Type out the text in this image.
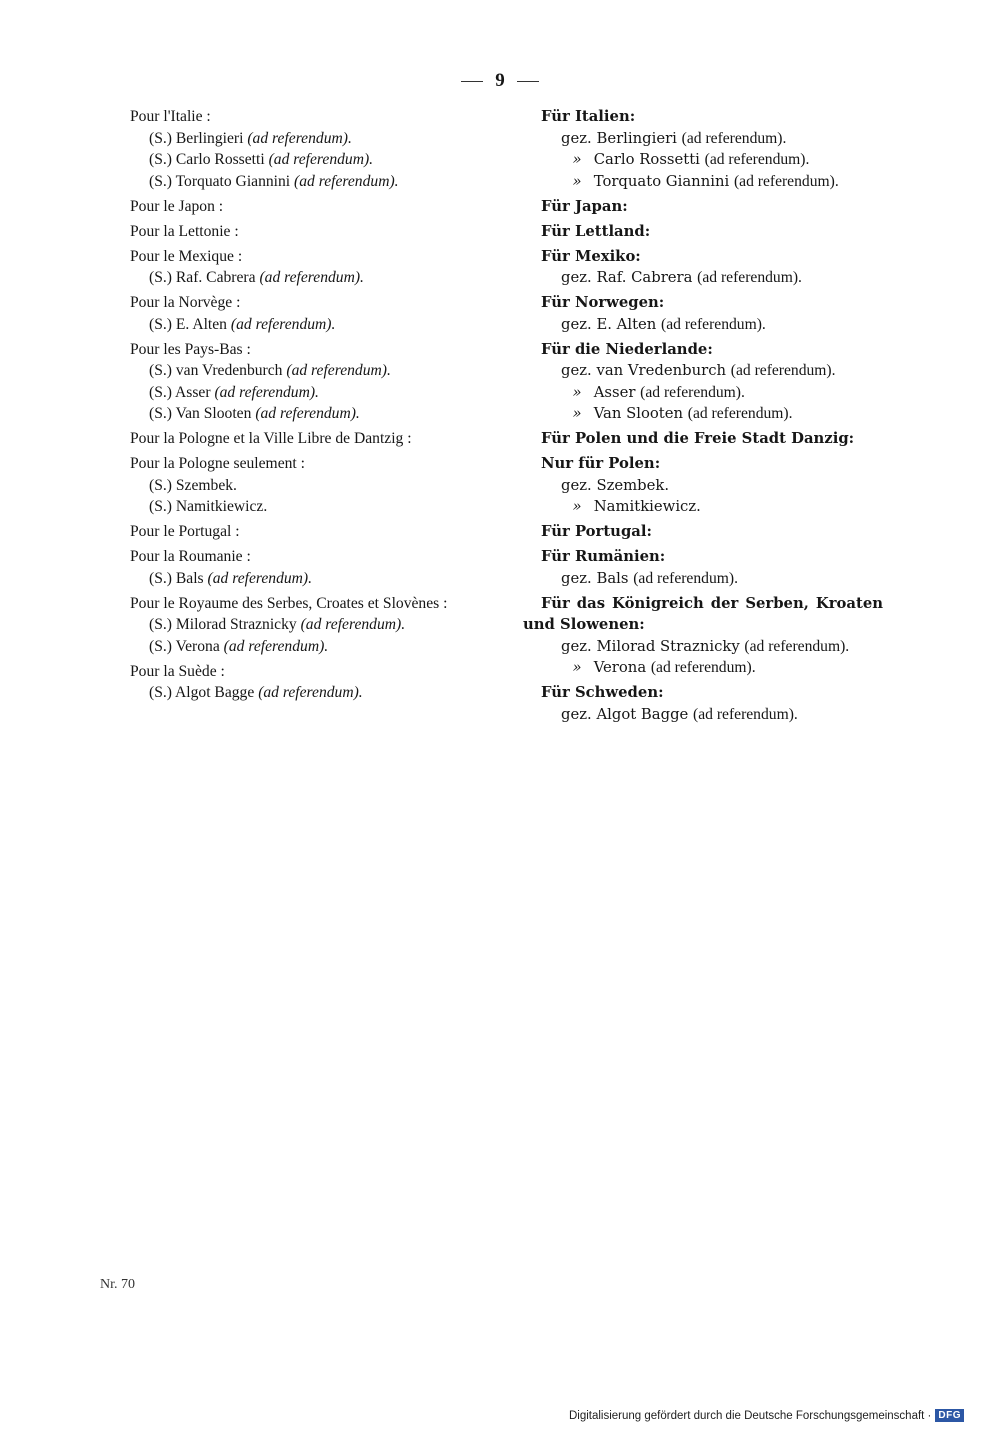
9
Pour l'Italie :
(S.) Berlingieri (ad referendum).
(S.) Carlo Rossetti (ad referendum).
(S.) Torquato Giannini (ad referendum).
Pour le Japon :
Pour la Lettonie :
Pour le Mexique :
(S.) Raf. Cabrera (ad referendum).
Pour la Norvège :
(S.) E. Alten (ad referendum).
Pour les Pays-Bas :
(S.) van Vredenburch (ad referendum).
(S.) Asser (ad referendum).
(S.) Van Slooten (ad referendum).
Pour la Pologne et la Ville Libre de Dantzig :
Pour la Pologne seulement :
(S.) Szembek.
(S.) Namitkiewicz.
Pour le Portugal :
Pour la Roumanie :
(S.) Bals (ad referendum).
Pour le Royaume des Serbes, Croates et Slovènes :
(S.) Milorad Straznicky (ad referendum).
(S.) Verona (ad referendum).
Pour la Suède :
(S.) Algot Bagge (ad referendum).
Für Italien:
gez. Berlingieri (ad referendum).
» Carlo Rossetti (ad referendum).
» Torquato Giannini (ad referendum).
Für Japan:
Für Lettland:
Für Mexiko:
gez. Raf. Cabrera (ad referendum).
Für Norwegen:
gez. E. Alten (ad referendum).
Für die Niederlande:
gez. van Vredenburch (ad referendum).
» Asser (ad referendum).
» Van Slooten (ad referendum).
Für Polen und die Freie Stadt Danzig:
Nur für Polen:
gez. Szembek.
» Namitkiewicz.
Für Portugal:
Für Rumänien:
gez. Bals (ad referendum).
Für das Königreich der Serben, Kroaten und Slowenen:
gez. Milorad Straznicky (ad referendum).
» Verona (ad referendum).
Für Schweden:
gez. Algot Bagge (ad referendum).
Nr. 70
Digitalisierung gefördert durch die Deutsche Forschungsgemeinschaft · DFG
